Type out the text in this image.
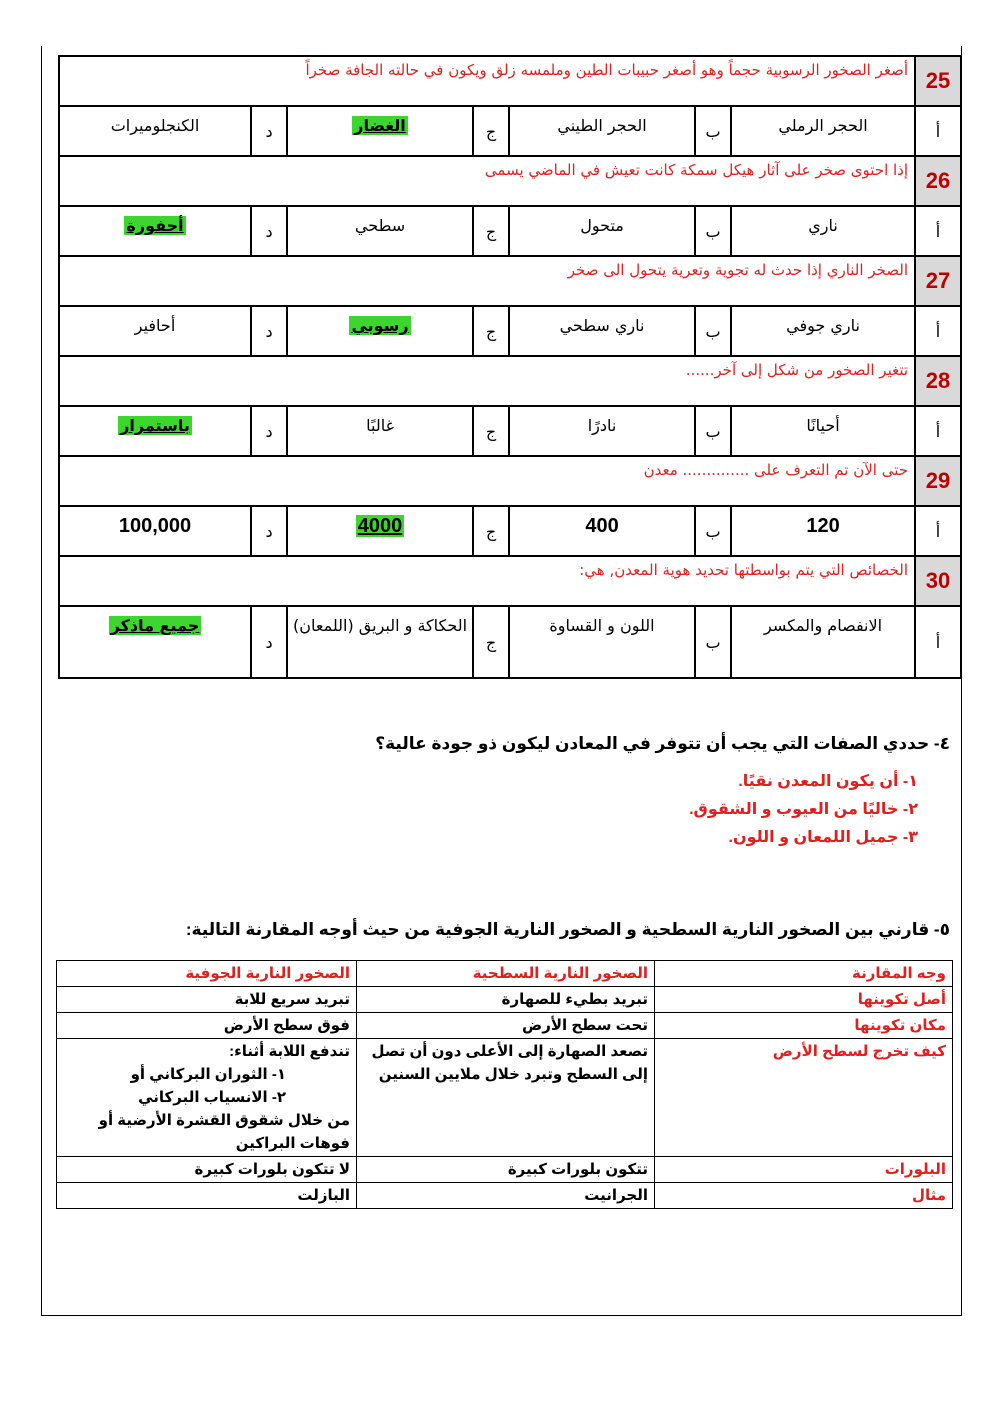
25	أصغر الصخور الرسوبية حجماً وهو أصغر حبيبات الطين وملمسه زلق ويكون في حالته الجافة صخراً						
أ	الحجر الرملي	ب	الحجر الطيني	ج	الغضار	د	الكنجلوميرات
26	إذا احتوى صخر على آثار هيكل سمكة كانت تعيش في الماضي يسمى						
أ	ناري	ب	متحول	ج	سطحي	د	أحفورة
27	الصخر الناري إذا حدث له تجوية وتعرية يتحول الى صخر						
أ	ناري جوفي	ب	ناري سطحي	ج	رسوبي	د	أحافير
28	تتغير الصخور من شكل إلى آخر......						
أ	أحيانًا	ب	نادرًا	ج	غالبًا	د	باستمرار
29	حتى الآن تم التعرف على .............. معدن						
أ	120	ب	400	ج	4000	د	100,000
30	الخصائص التي يتم بواسطتها تحديد هوية المعدن, هي:						
أ	الانفصام والمكسر	ب	اللون و القساوة	ج	الحكاكة و البريق (اللمعان)	د	جميع ماذكر
٤- حددي الصفات التي يجب أن تتوفر في المعادن ليكون ذو جودة عالية؟
١- أن يكون المعدن نقيًا.
٢- خاليًا من العيوب و الشقوق.
٣- جميل اللمعان و اللون.
٥- قارني بين الصخور النارية السطحية و الصخور النارية الجوفية من حيث أوجه المقارنة التالية:
وجه المقارنة	الصخور النارية السطحية	الصخور النارية الجوفية
أصل تكوينها	تبريد بطيء للصهارة	تبريد سريع للابة
مكان تكوينها	تحت سطح الأرض	فوق سطح الأرض
كيف تخرج لسطح الأرض	تصعد الصهارة إلى الأعلى دون أن تصل إلى السطح وتبرد خلال ملايين السنين	تندفع اللابة أثناء:
١- الثوران البركاني أو
٢- الانسياب البركاني
من خلال شقوق القشرة الأرضية أو فوهات البراكين

البلورات	تتكون بلورات كبيرة	لا تتكون بلورات كبيرة
مثال	الجرانيت	البازلت
